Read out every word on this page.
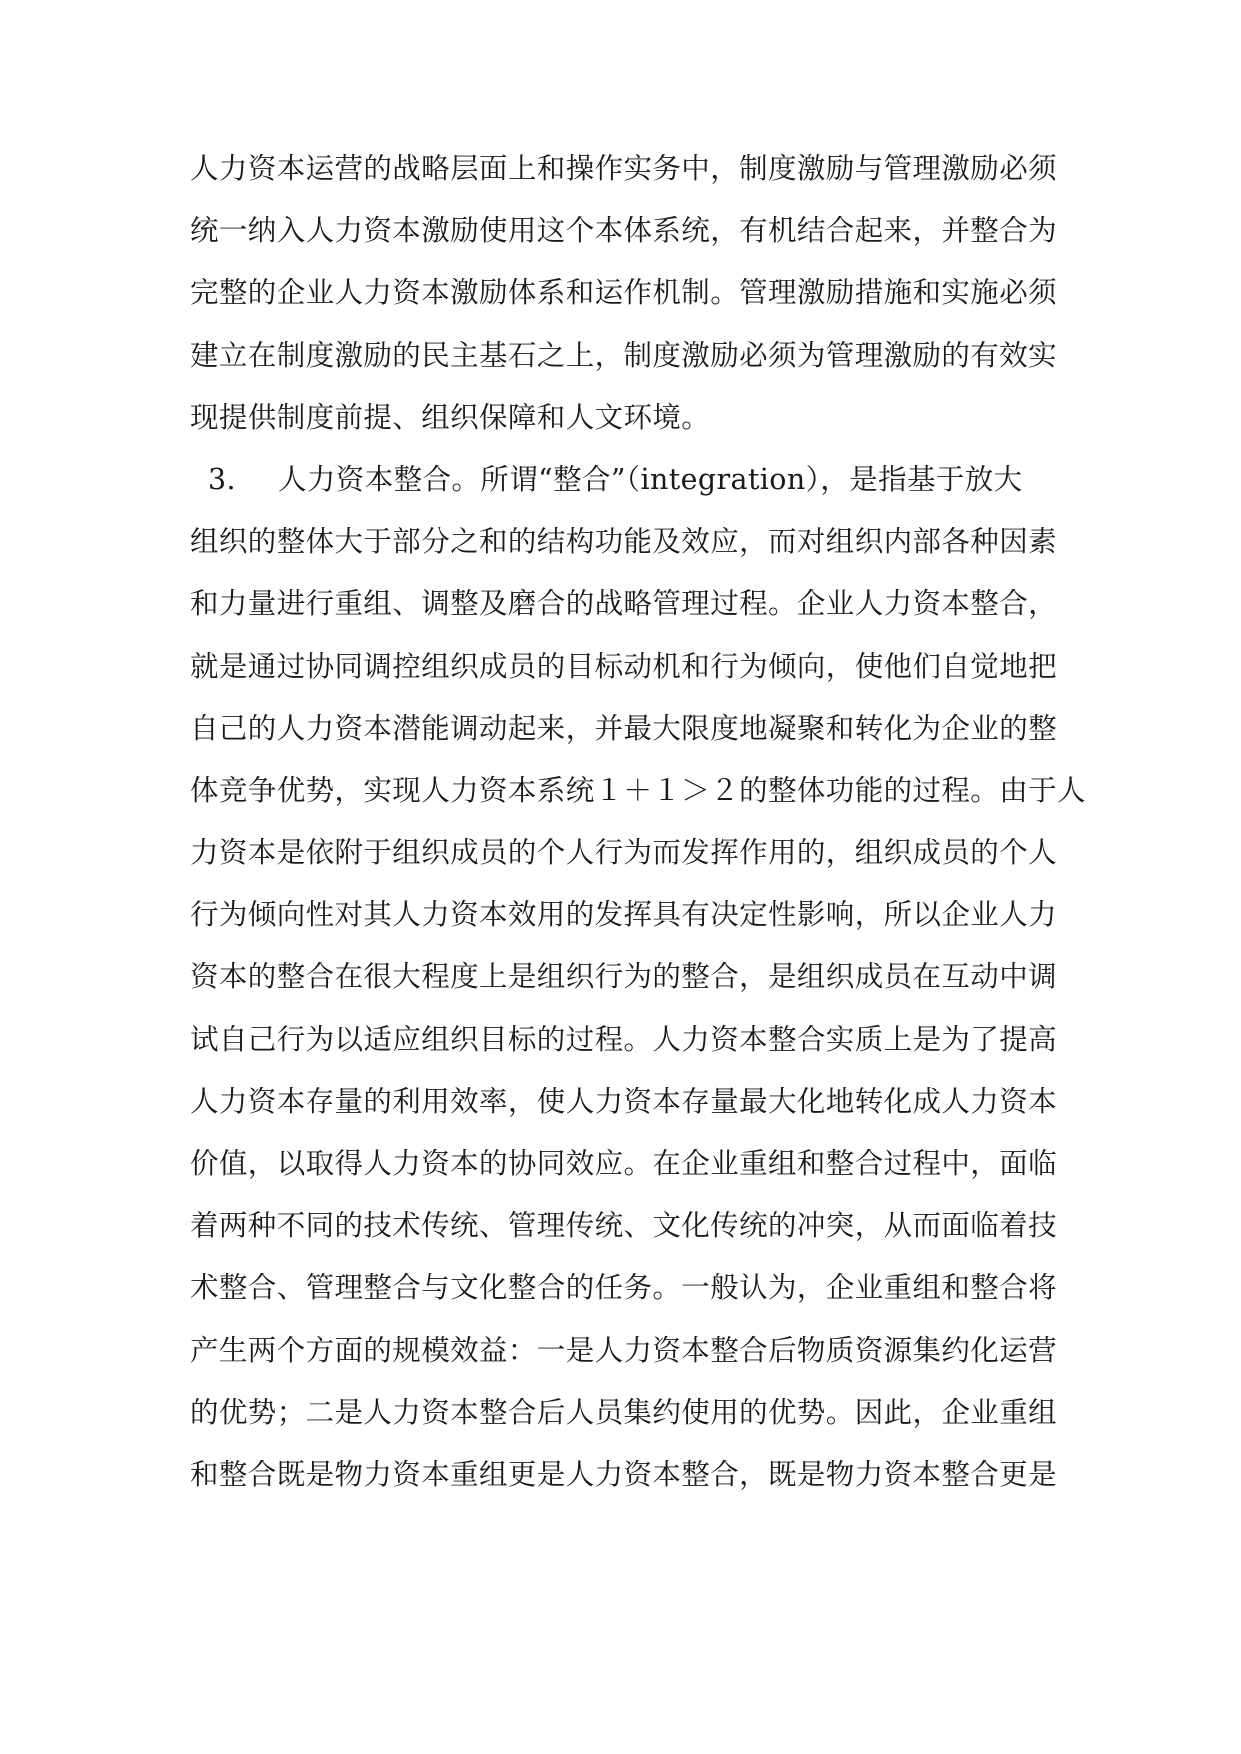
人力资本运营的战略层面上和操作实务中，制度激励与管理激励必须
统一纳入人力资本激励使用这个本体系统，有机结合起来，并整合为
完整的企业人力资本激励体系和运作机制。管理激励措施和实施必须
建立在制度激励的民主基石之上，制度激励必须为管理激励的有效实
现提供制度前提、组织保障和人文环境。
3. 人力资本整合。所谓“整合”（integration），是指基于放大
组织的整体大于部分之和的结构功能及效应，而对组织内部各种因素
和力量进行重组、调整及磨合的战略管理过程。企业人力资本整合，
就是通过协同调控组织成员的目标动机和行为倾向，使他们自觉地把
自己的人力资本潜能调动起来，并最大限度地凝聚和转化为企业的整
体竞争优势，实现人力资本系统１＋１＞２的整体功能的过程。由于人
力资本是依附于组织成员的个人行为而发挥作用的，组织成员的个人
行为倾向性对其人力资本效用的发挥具有决定性影响，所以企业人力
资本的整合在很大程度上是组织行为的整合，是组织成员在互动中调
试自己行为以适应组织目标的过程。人力资本整合实质上是为了提高
人力资本存量的利用效率，使人力资本存量最大化地转化成人力资本
价值，以取得人力资本的协同效应。在企业重组和整合过程中，面临
着两种不同的技术传统、管理传统、文化传统的冲突，从而面临着技
术整合、管理整合与文化整合的任务。一般认为，企业重组和整合将
产生两个方面的规模效益：一是人力资本整合后物质资源集约化运营
的优势；二是人力资本整合后人员集约使用的优势。因此，企业重组
和整合既是物力资本重组更是人力资本整合，既是物力资本整合更是
